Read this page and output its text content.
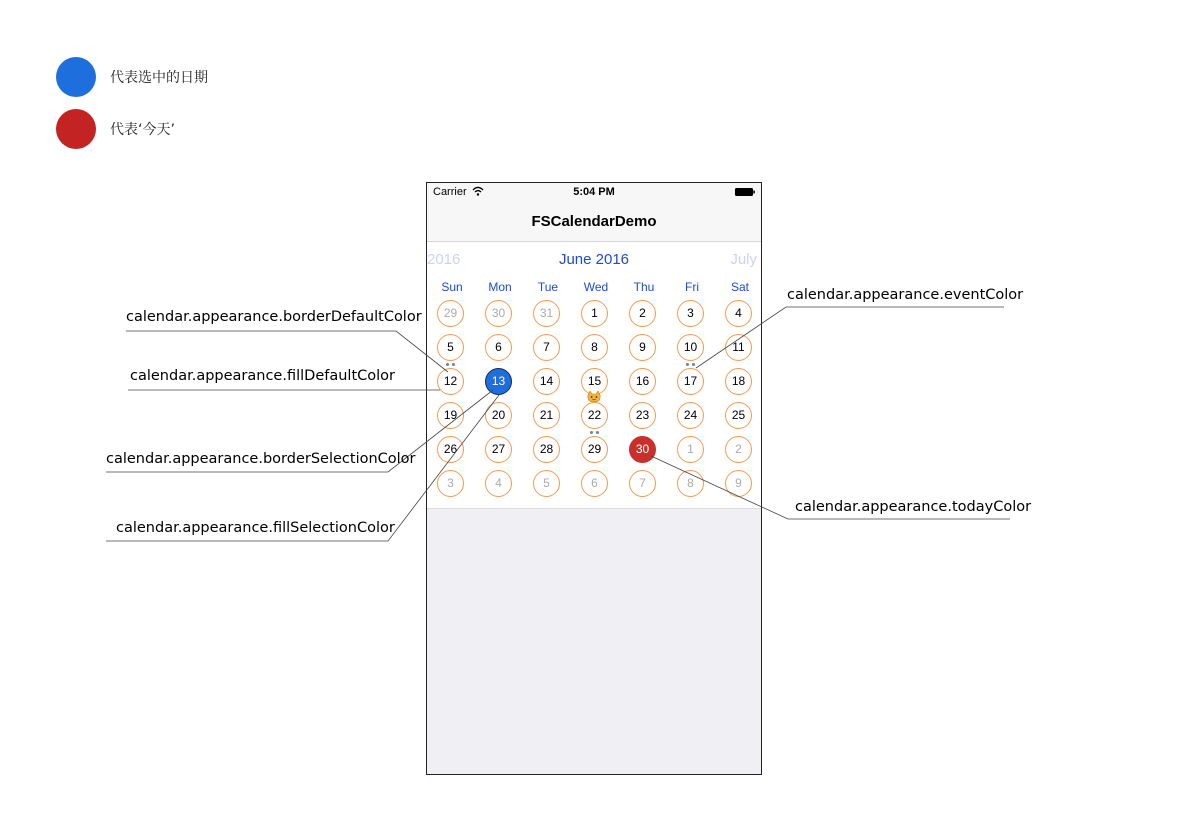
代表选中的日期
代表‘今天’
Carrier	5:04 PM
FSCalendarDemo
2016	June 2016	July
Sun	Mon	Tue	Wed	Thu	Fri	Sat
29	30	31	1	2	3	4
5	6	7	8	9	10	11
12	13	14	15	16	17	18
19	20	21	22	23	24	25
26	27	28	29	30	1	2
3	4	5	6	7	8	9
calendar.appearance.borderDefaultColor
calendar.appearance.fillDefaultColor
calendar.appearance.borderSelectionColor
calendar.appearance.fillSelectionColor
calendar.appearance.eventColor
calendar.appearance.todayColor
